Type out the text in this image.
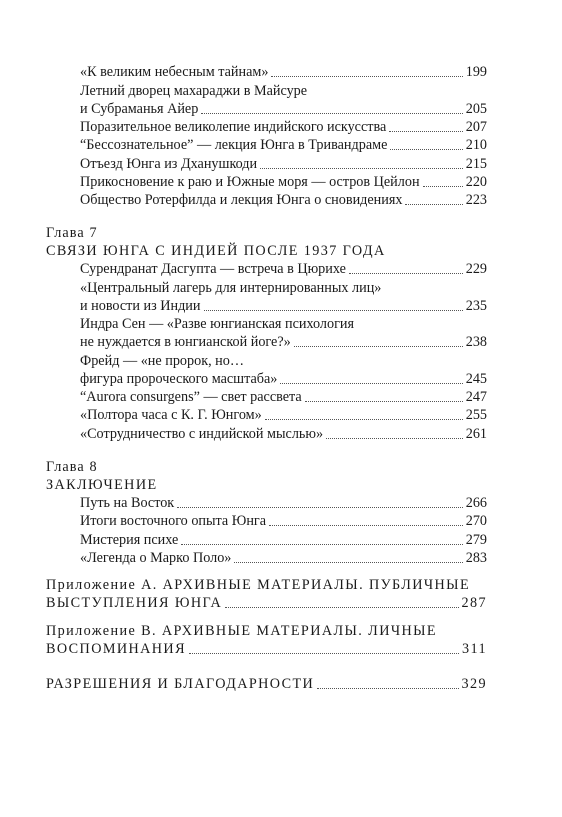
«К великим небесным тайнам»	199
Летний дворец махараджи в Майсуре
и Субраманья Айер	205
Поразительное великолепие индийского искусства	207
“Бессознательное” — лекция Юнга в Тривандраме	210
Отъезд Юнга из Дханушкоди	215
Прикосновение к раю и Южные моря — остров Цейлон	220
Общество Ротерфилда и лекция Юнга о сновидениях	223
Глава 7
СВЯЗИ ЮНГА С ИНДИЕЙ ПОСЛЕ 1937 ГОДА
Сурендранат Дасгупта — встреча в Цюрихе	229
«Центральный лагерь для интернированных лиц»
и новости из Индии	235
Индра Сен — «Разве юнгианская психология
не нуждается в юнгианской йоге?»	238
Фрейд — «не пророк, но…
фигура пророческого масштаба»	245
“Aurora consurgens” — свет рассвета	247
«Полтора часа с К. Г. Юнгом»	255
«Сотрудничество с индийской мыслью»	261
Глава 8
ЗАКЛЮЧЕНИЕ
Путь на Восток	266
Итоги восточного опыта Юнга	270
Мистерия психе	279
«Легенда о Марко Поло»	283
Приложение А. АРХИВНЫЕ МАТЕРИАЛЫ. ПУБЛИЧНЫЕ
ВЫСТУПЛЕНИЯ ЮНГА	287
Приложение В. АРХИВНЫЕ МАТЕРИАЛЫ. ЛИЧНЫЕ
ВОСПОМИНАНИЯ	311
РАЗРЕШЕНИЯ И БЛАГОДАРНОСТИ	329
